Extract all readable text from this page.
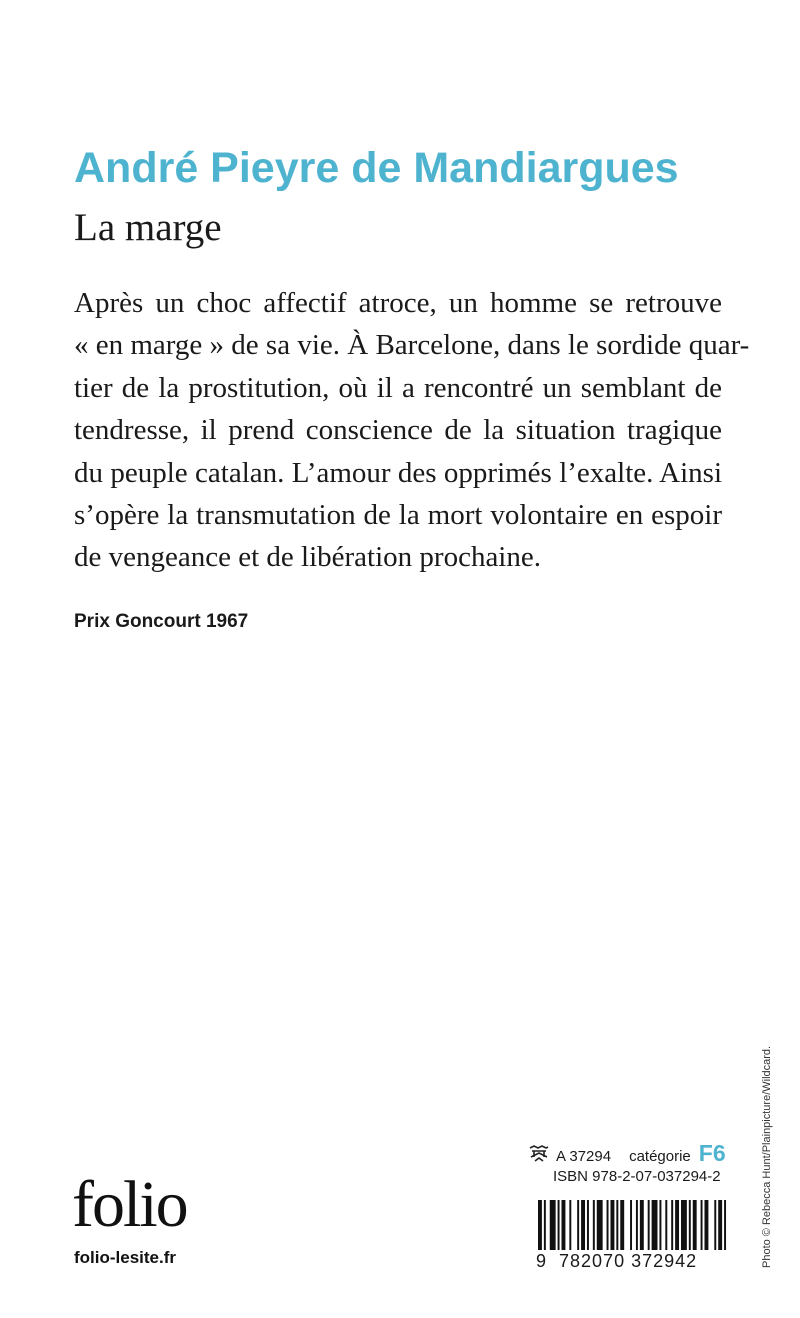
André Pieyre de Mandiargues
La marge
Après un choc affectif atroce, un homme se retrouve
« en marge » de sa vie. À Barcelone, dans le sordide quar-
tier de la prostitution, où il a rencontré un semblant de
tendresse, il prend conscience de la situation tragique
du peuple catalan. L’amour des opprimés l’exalte. Ainsi
s’opère la transmutation de la mort volontaire en espoir
de vengeance et de libération prochaine.
Prix Goncourt 1967
folio
folio-lesite.fr
A 37294 catégorie F6
ISBN 978-2-07-037294-2
9 782070 372942	Photo © Rebecca Hunt/Plainpicture/Wildcard.
